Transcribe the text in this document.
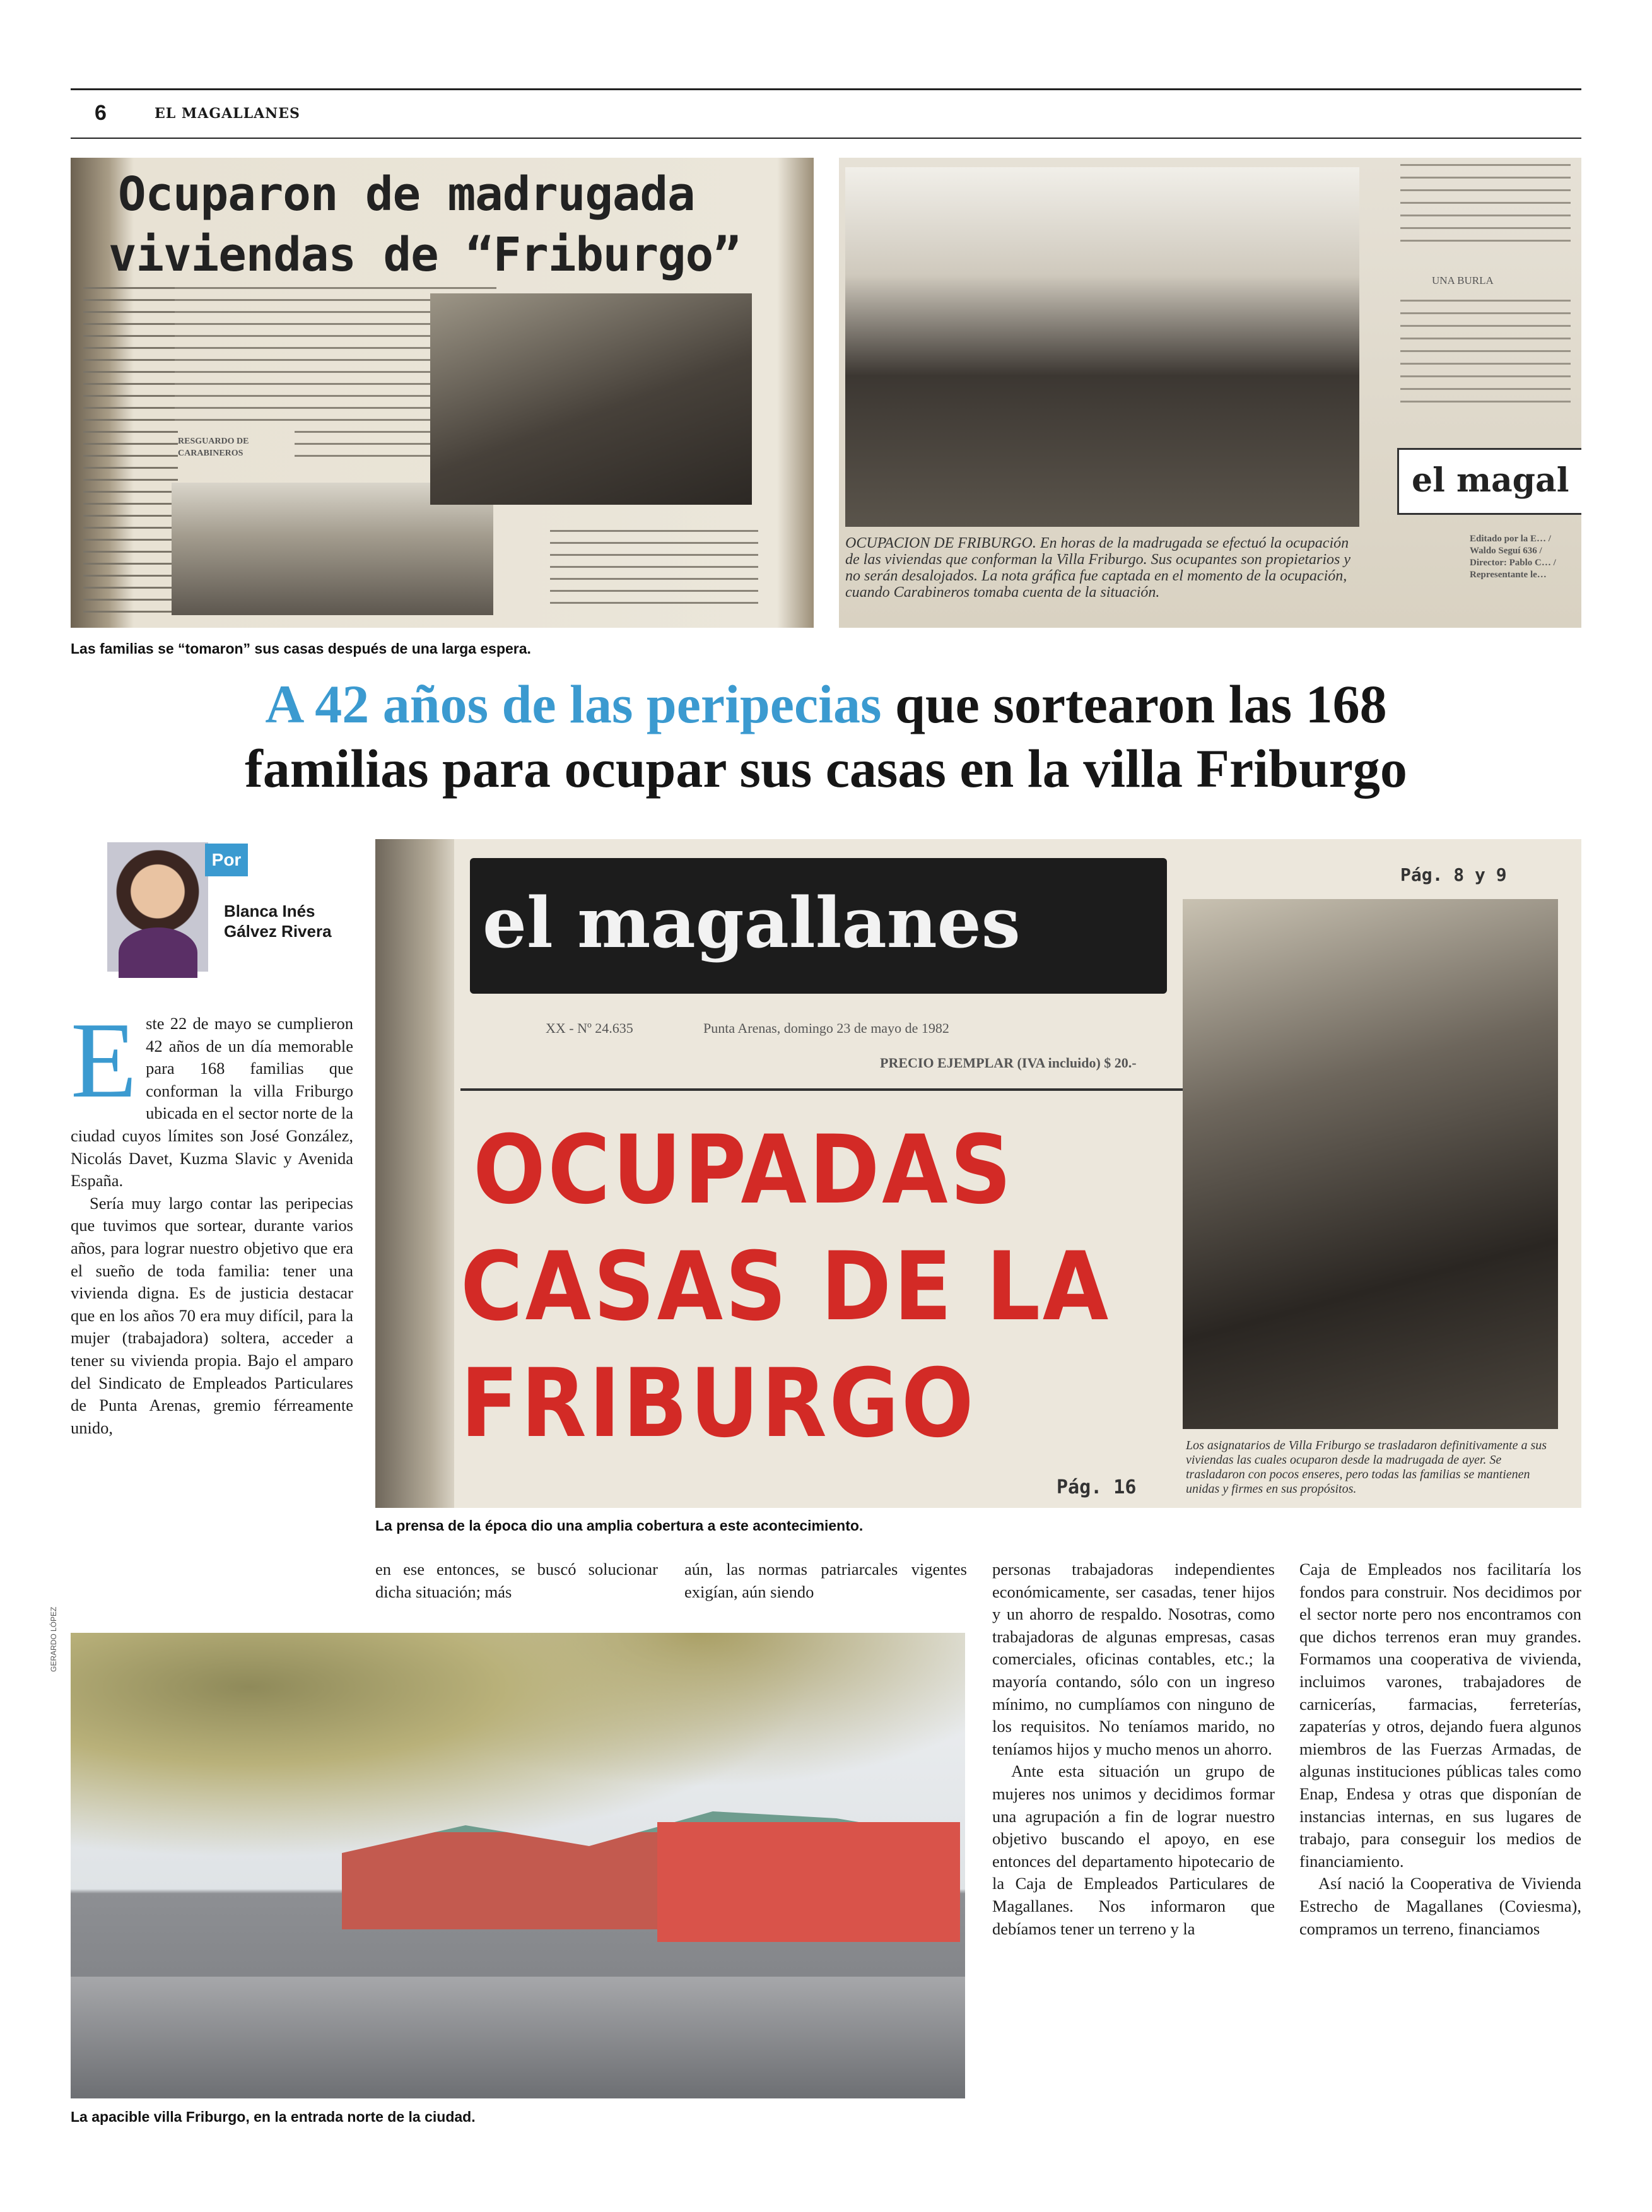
6	EL MAGALLANES
Ocuparon de madrugada
viviendas de “Friburgo”
RESGUARDO DE CARABINEROS
UNA BURLA
el magal
Editado por la E… / Waldo Seguí 636 / Director: Pablo C… / Representante le…
OCUPACION DE FRIBURGO. En horas de la madrugada se efectuó la ocupación de las viviendas que conforman la Villa Friburgo. Sus ocupantes son propietarios y no serán desalojados. La nota gráfica fue captada en el momento de la ocupación, cuando Carabineros tomaba cuenta de la situación.
Las familias se “tomaron” sus casas después de una larga espera.
A 42 años de las peripecias que sortearon las 168
familias para ocupar sus casas en la villa Friburgo
Por
Blanca Inés
Gálvez Rivera el magallanes
XX - Nº 24.635	Punta Arenas, domingo 23 de mayo de 1982
PRECIO EJEMPLAR (IVA incluido) $ 20.-
OCUPADAS
CASAS DE LA
FRIBURGO
Pág. 16
Pág. 8 y 9
Los asignatarios de Villa Friburgo se trasladaron definitivamente a sus viviendas las cuales ocuparon desde la madrugada de ayer. Se trasladaron con pocos enseres, pero todas las familias se mantienen unidas y firmes en sus propósitos.
La prensa de la época dio una amplia cobertura a este acontecimiento.
E ste 22 de mayo se cumplieron 42 años de un día memorable para 168 familias que conforman la villa Friburgo ubicada en el sector norte de la ciudad cuyos límites son José González, Nicolás Davet, Kuzma Slavic y Avenida España.

Sería muy largo contar las peripecias que tuvimos que sortear, durante varios años, para lograr nuestro objetivo que era el sueño de toda familia: tener una vivienda digna. Es de justicia destacar que en los años 70 era muy difícil, para la mujer (trabajadora) soltera, acceder a tener su vivienda propia. Bajo el amparo del Sindicato de Empleados Particulares de Punta Arenas, gremio férreamente unido,

en ese entonces, se buscó solucionar dicha situación; más

aún, las normas patriarcales vigentes exigían, aún siendo

personas trabajadoras independientes económicamente, ser casadas, tener hijos y un ahorro de respaldo. Nosotras, como trabajadoras de algunas empresas, casas comerciales, oficinas contables, etc.; la mayoría contando, sólo con un ingreso mínimo, no cumplíamos con ninguno de los requisitos. No teníamos marido, no teníamos hijos y mucho menos un ahorro.

Ante esta situación un grupo de mujeres nos unimos y decidimos formar una agrupación a fin de lograr nuestro objetivo buscando el apoyo, en ese entonces del departamento hipotecario de la Caja de Empleados Particulares de Magallanes. Nos informaron que debíamos tener un terreno y la

Caja de Empleados nos facilitaría los fondos para construir. Nos decidimos por el sector norte pero nos encontramos con que dichos terrenos eran muy grandes. Formamos una cooperativa de vivienda, incluimos varones, trabajadores de carnicerías, farmacias, ferreterías, zapaterías y otros, dejando fuera algunos miembros de las Fuerzas Armadas, de algunas instituciones públicas tales como Enap, Endesa y otras que disponían de instancias internas, en sus lugares de trabajo, para conseguir los medios de financiamiento.

Así nació la Cooperativa de Vivienda Estrecho de Magallanes (Coviesma), compramos un terreno, financiamos

GERARDO LÓPEZ
La apacible villa Friburgo, en la entrada norte de la ciudad.
